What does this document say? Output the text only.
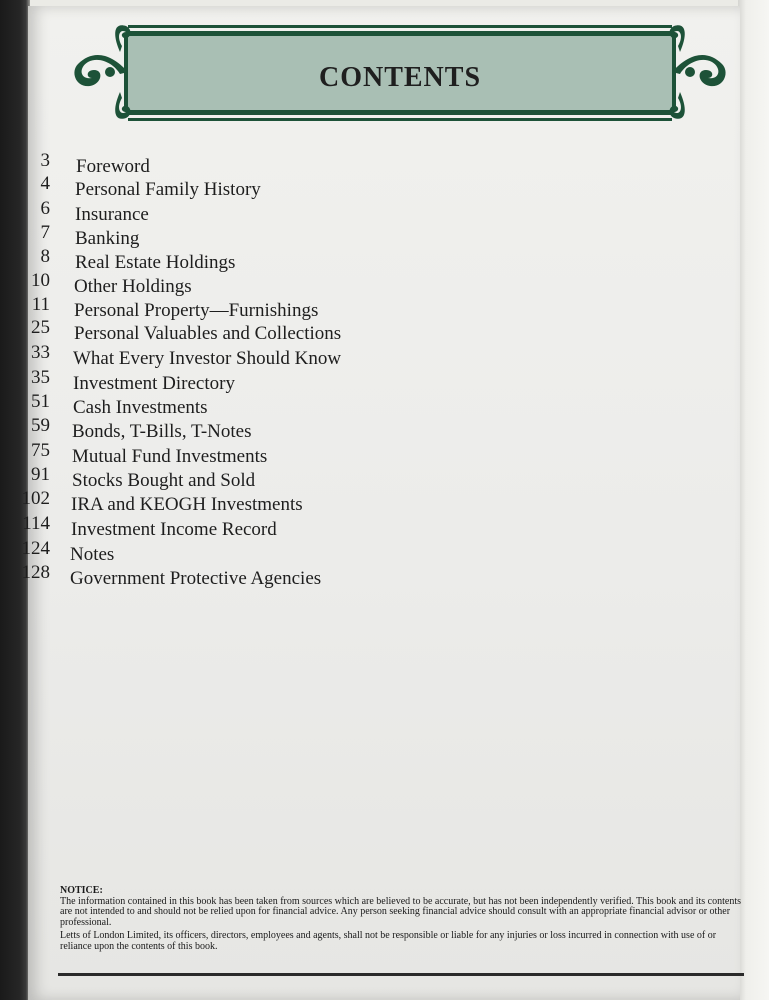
CONTENTS
Foreword
3
Personal Family History
4
Insurance
6
Banking
7
Real Estate Holdings
8
Other Holdings
10
Personal Property—Furnishings
11
Personal Valuables and Collections
25
What Every Investor Should Know
33
Investment Directory
35
Cash Investments
51
Bonds, T-Bills, T-Notes
59
Mutual Fund Investments
75
Stocks Bought and Sold
91
IRA and KEOGH Investments
102
Investment Income Record
114
Notes
124
Government Protective Agencies
128

NOTICE:

The information contained in this book has been taken from sources which are believed to be accurate, but has not been independently verified. This book and its contents are not intended to and should not be relied upon for financial advice. Any person seeking financial advice should consult with an appropriate financial advisor or other professional.

Letts of London Limited, its officers, directors, employees and agents, shall not be responsible or liable for any injuries or loss incurred in connection with use of or reliance upon the contents of this book.
